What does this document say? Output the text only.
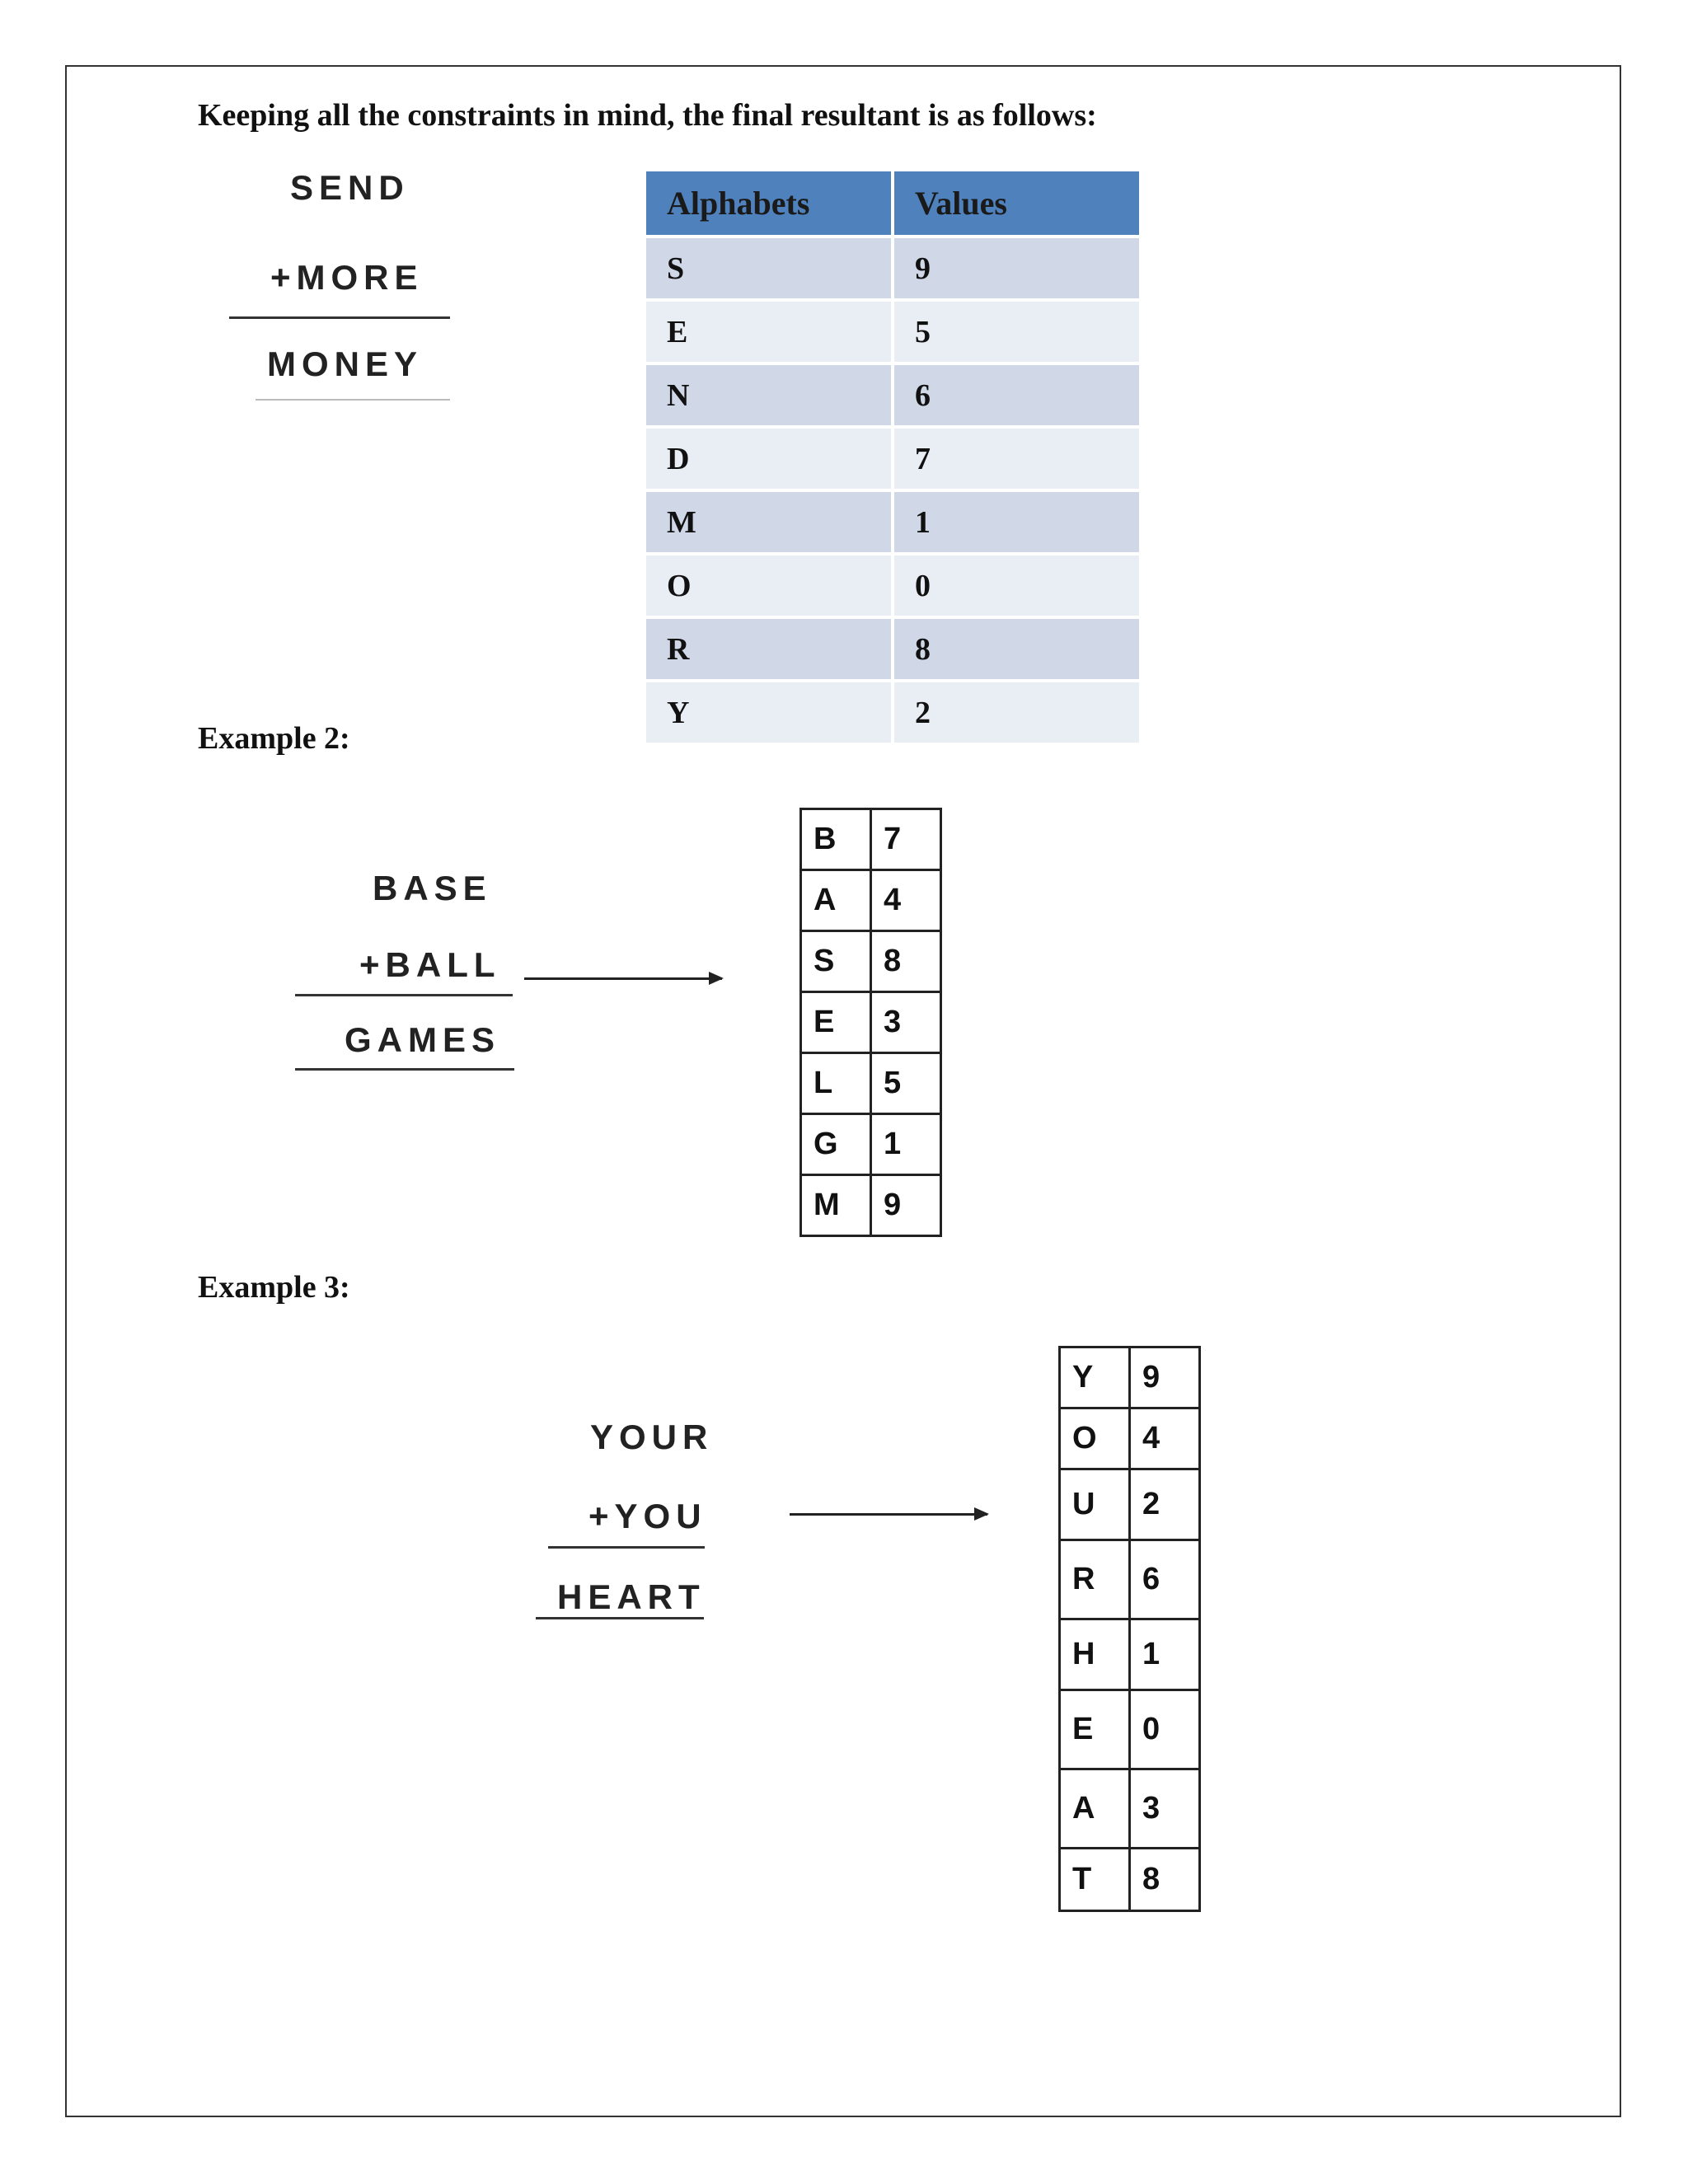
Keeping all the constraints in mind, the final resultant is as follows:
SEND
+MORE
MONEY
Alphabets	Values
S	9
E	5
N	6
D	7
M	1
O	0
R	8
Y	2
Example 2:
BASE
+BALL
GAMES
B	7
A	4
S	8
E	3
L	5
G	1
M	9
Example 3:
YOUR
+YOU
HEART
Y	9
O	4
U	2
R	6
H	1
E	0
A	3
T	8
